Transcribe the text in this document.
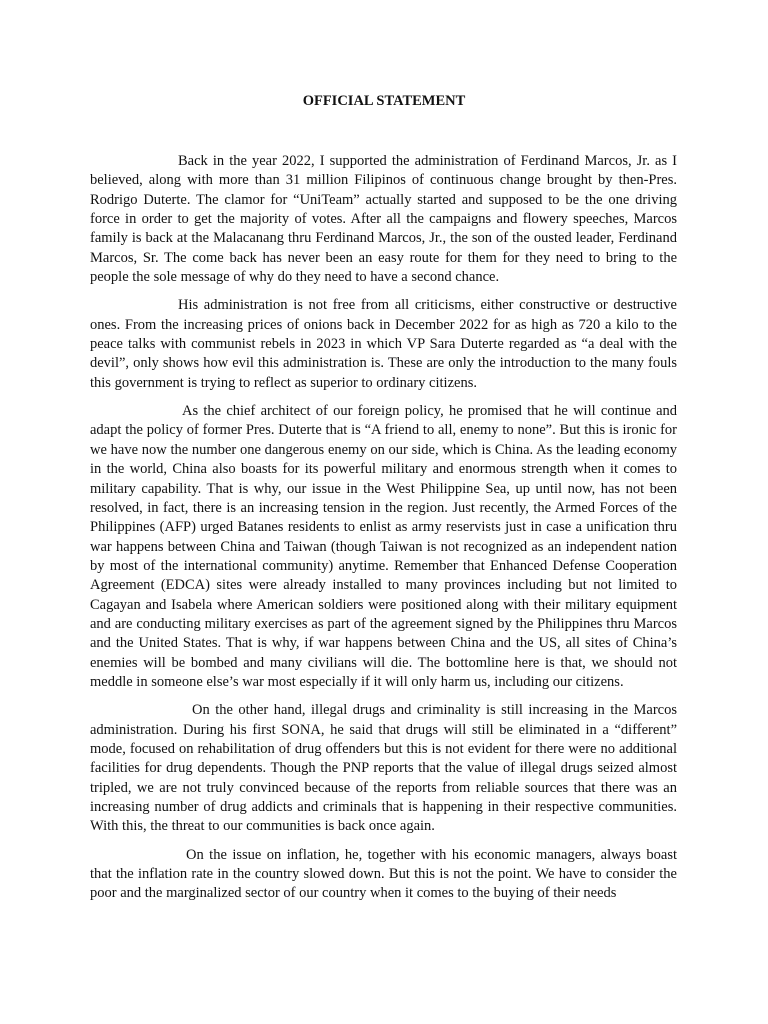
OFFICIAL STATEMENT

Back in the year 2022, I supported the administration of Ferdinand Marcos, Jr. as I believed, along with more than 31 million Filipinos of continuous change brought by then-Pres. Rodrigo Duterte. The clamor for “UniTeam” actually started and supposed to be the one driving force in order to get the majority of votes. After all the campaigns and flowery speeches, Marcos family is back at the Malacanang thru Ferdinand Marcos, Jr., the son of the ousted leader, Ferdinand Marcos, Sr. The come back has never been an easy route for them for they need to bring to the people the sole message of why do they need to have a second chance.

His administration is not free from all criticisms, either constructive or destructive ones. From the increasing prices of onions back in December 2022 for as high as 720 a kilo to the peace talks with communist rebels in 2023 in which VP Sara Duterte regarded as “a deal with the devil”, only shows how evil this administration is. These are only the introduction to the many fouls this government is trying to reflect as superior to ordinary citizens.

As the chief architect of our foreign policy, he promised that he will continue and adapt the policy of former Pres. Duterte that is “A friend to all, enemy to none”. But this is ironic for we have now the number one dangerous enemy on our side, which is China. As the leading economy in the world, China also boasts for its powerful military and enormous strength when it comes to military capability. That is why, our issue in the West Philippine Sea, up until now, has not been resolved, in fact, there is an increasing tension in the region. Just recently, the Armed Forces of the Philippines (AFP) urged Batanes residents to enlist as army reservists just in case a unification thru war happens between China and Taiwan (though Taiwan is not recognized as an independent nation by most of the international community) anytime. Remember that Enhanced Defense Cooperation Agreement (EDCA) sites were already installed to many provinces including but not limited to Cagayan and Isabela where American soldiers were positioned along with their military equipment and are conducting military exercises as part of the agreement signed by the Philippines thru Marcos and the United States. That is why, if war happens between China and the US, all sites of China’s enemies will be bombed and many civilians will die. The bottomline here is that, we should not meddle in someone else’s war most especially if it will only harm us, including our citizens.

On the other hand, illegal drugs and criminality is still increasing in the Marcos administration. During his first SONA, he said that drugs will still be eliminated in a “different” mode, focused on rehabilitation of drug offenders but this is not evident for there were no additional facilities for drug dependents. Though the PNP reports that the value of illegal drugs seized almost tripled, we are not truly convinced because of the reports from reliable sources that there was an increasing number of drug addicts and criminals that is happening in their respective communities. With this, the threat to our communities is back once again.

On the issue on inflation, he, together with his economic managers, always boast that the inflation rate in the country slowed down. But this is not the point. We have to consider the poor and the marginalized sector of our country when it comes to the buying of their needs
